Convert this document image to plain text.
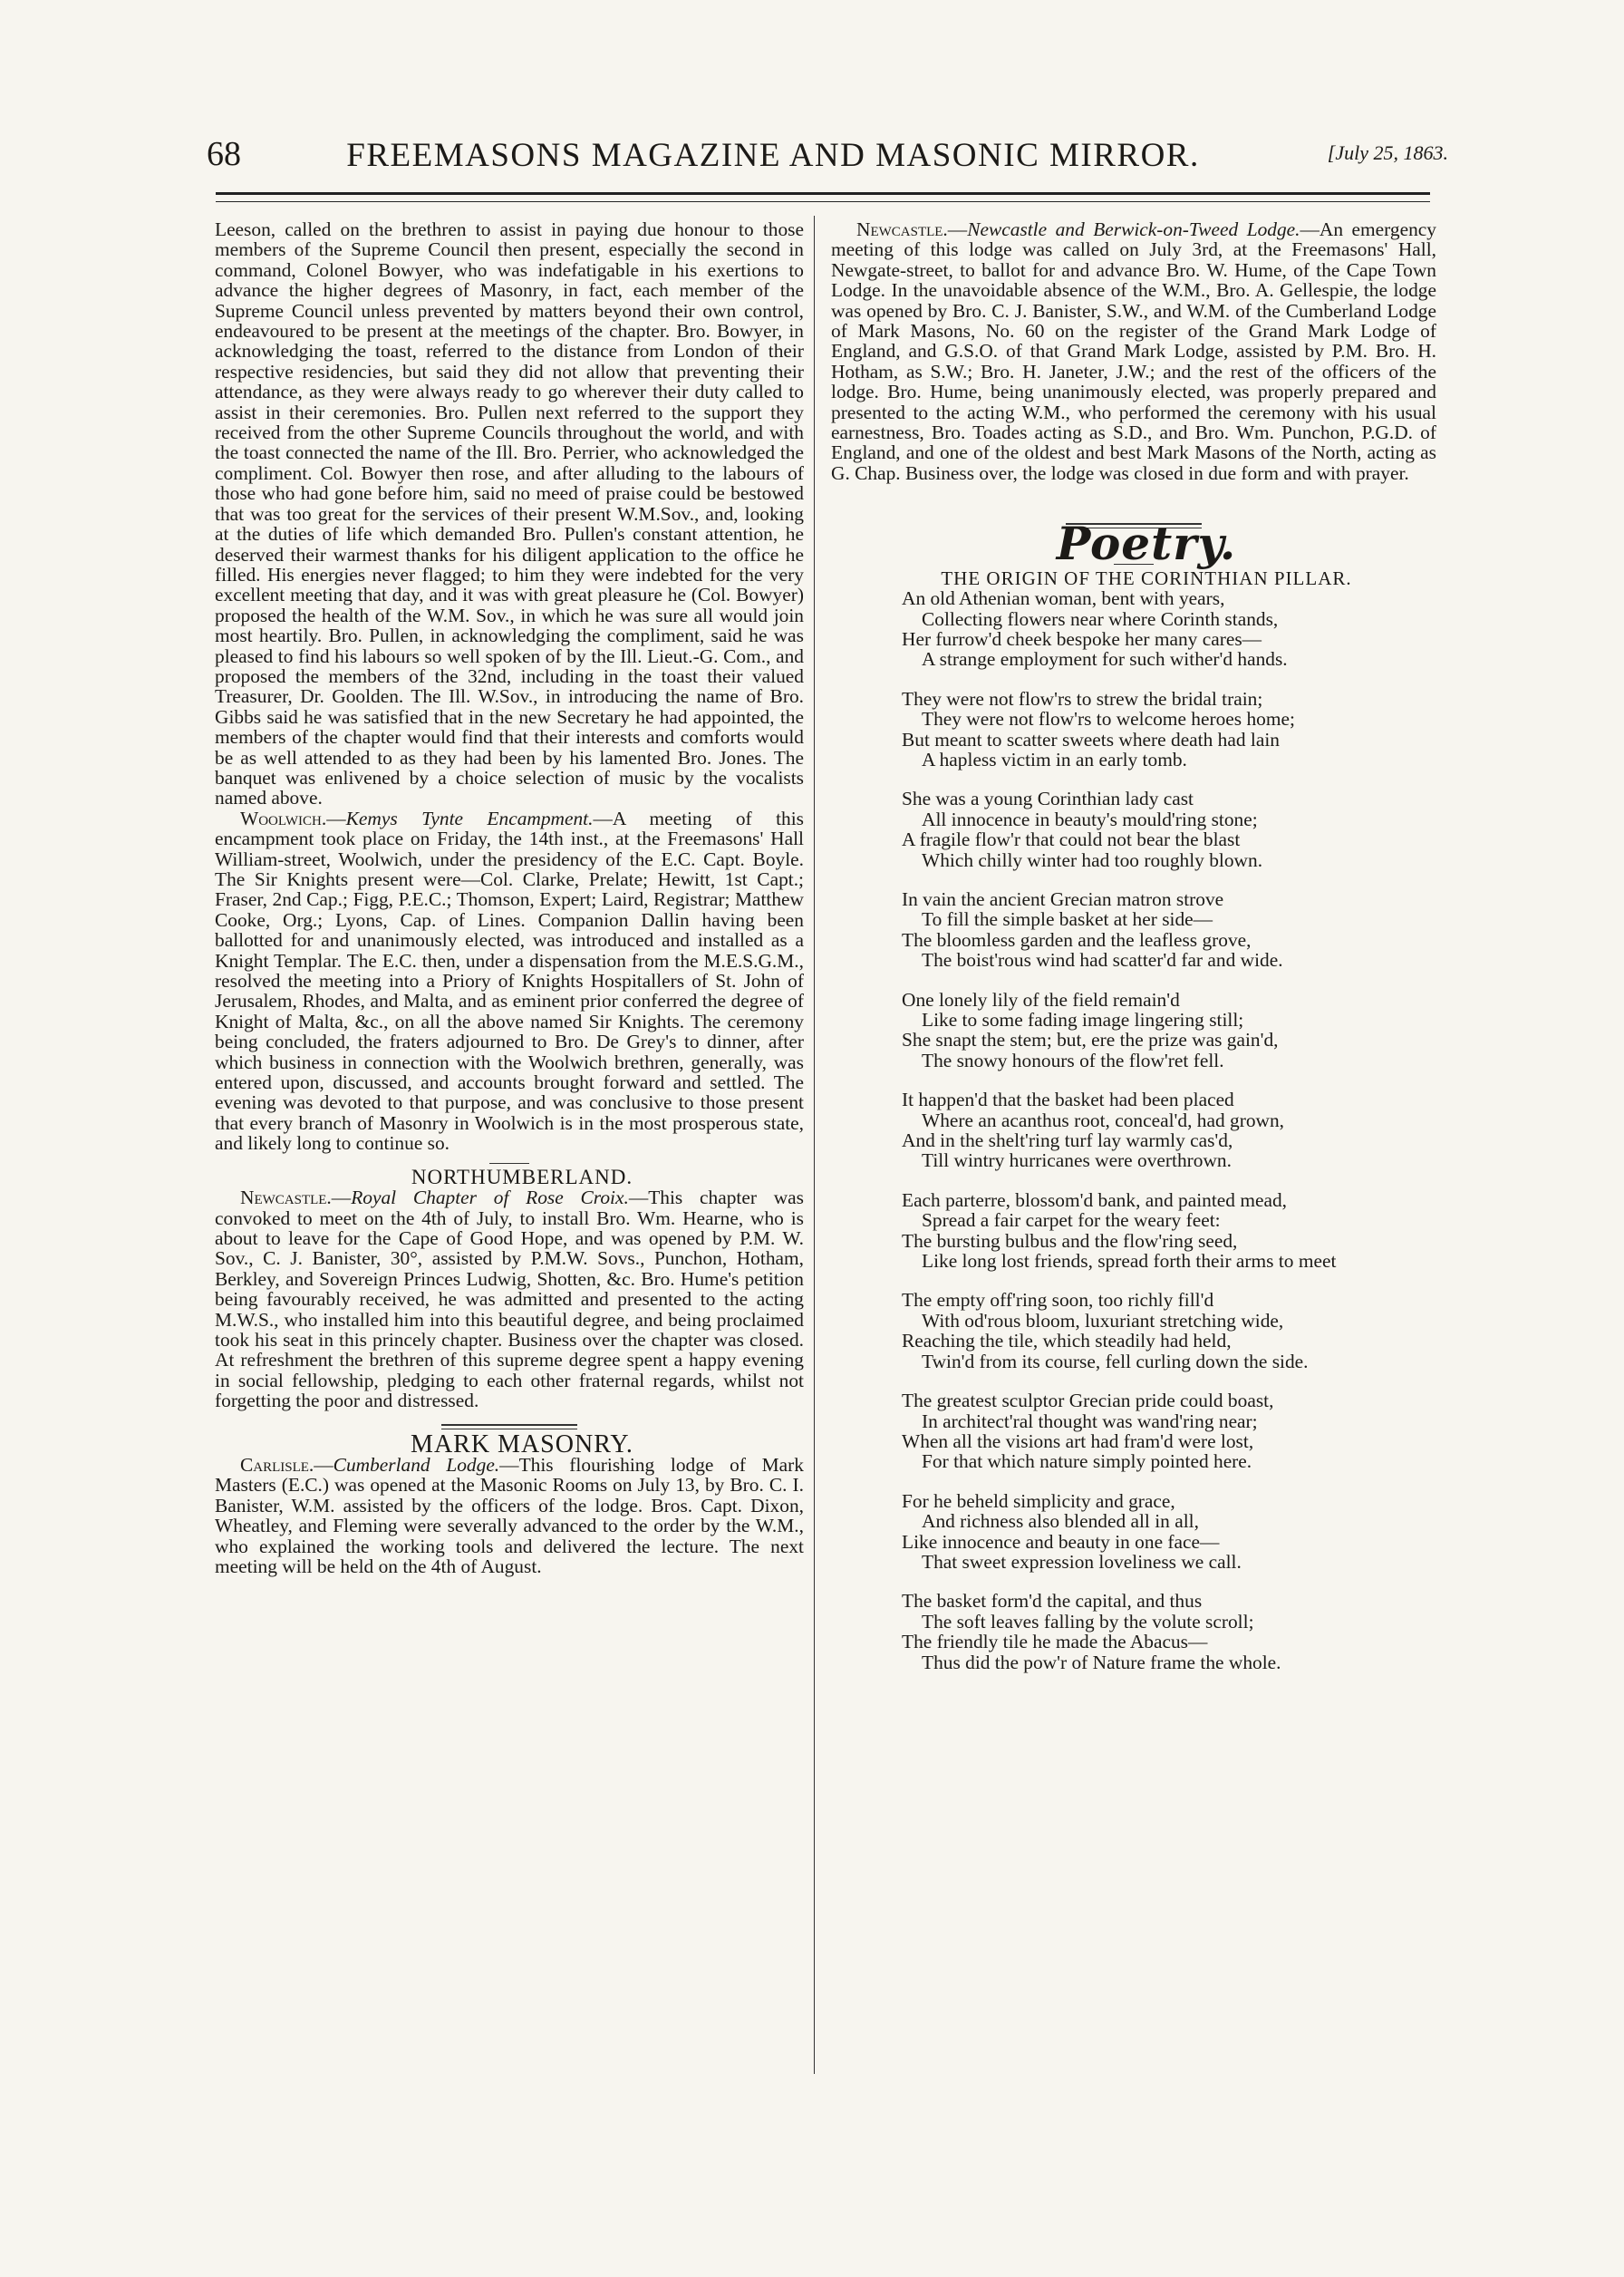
68	FREEMASONS MAGAZINE AND MASONIC MIRROR.	[July 25, 1863.

Leeson, called on the brethren to assist in paying due honour to those members of the Supreme Council then present, especially the second in command, Colonel Bowyer, who was indefatigable in his exertions to advance the higher degrees of Masonry, in fact, each member of the Supreme Council unless prevented by matters beyond their own control, endeavoured to be present at the meetings of the chapter. Bro. Bowyer, in acknowledging the toast, referred to the distance from London of their respective residencies, but said they did not allow that preventing their attendance, as they were always ready to go wherever their duty called to assist in their ceremonies. Bro. Pullen next referred to the support they received from the other Supreme Councils throughout the world, and with the toast connected the name of the Ill. Bro. Perrier, who acknowledged the compliment. Col. Bowyer then rose, and after alluding to the labours of those who had gone before him, said no meed of praise could be bestowed that was too great for the services of their present W.M.Sov., and, looking at the duties of life which demanded Bro. Pullen's constant attention, he deserved their warmest thanks for his diligent application to the office he filled. His energies never flagged; to him they were indebted for the very excellent meeting that day, and it was with great pleasure he (Col. Bowyer) proposed the health of the W.M. Sov., in which he was sure all would join most heartily. Bro. Pullen, in acknowledging the compliment, said he was pleased to find his labours so well spoken of by the Ill. Lieut.-G. Com., and proposed the members of the 32nd, including in the toast their valued Treasurer, Dr. Goolden. The Ill. W.Sov., in introducing the name of Bro. Gibbs said he was satisfied that in the new Secretary he had appointed, the members of the chapter would find that their interests and comforts would be as well attended to as they had been by his lamented Bro. Jones. The banquet was enlivened by a choice selection of music by the vocalists named above.

Woolwich.—Kemys Tynte Encampment.—A meeting of this encampment took place on Friday, the 14th inst., at the Freemasons' Hall William-street, Woolwich, under the presidency of the E.C. Capt. Boyle. The Sir Knights present were—Col. Clarke, Prelate; Hewitt, 1st Capt.; Fraser, 2nd Cap.; Figg, P.E.C.; Thomson, Expert; Laird, Registrar; Matthew Cooke, Org.; Lyons, Cap. of Lines. Companion Dallin having been ballotted for and unanimously elected, was introduced and installed as a Knight Templar. The E.C. then, under a dispensation from the M.E.S.G.M., resolved the meeting into a Priory of Knights Hospitallers of St. John of Jerusalem, Rhodes, and Malta, and as eminent prior conferred the degree of Knight of Malta, &c., on all the above named Sir Knights. The ceremony being concluded, the fraters adjourned to Bro. De Grey's to dinner, after which business in connection with the Woolwich brethren, generally, was entered upon, discussed, and accounts brought forward and settled. The evening was devoted to that purpose, and was conclusive to those present that every branch of Masonry in Woolwich is in the most prosperous state, and likely long to continue so.

NORTHUMBERLAND.

Newcastle.—Royal Chapter of Rose Croix.—This chapter was convoked to meet on the 4th of July, to install Bro. Wm. Hearne, who is about to leave for the Cape of Good Hope, and was opened by P.M. W. Sov., C. J. Banister, 30°, assisted by P.M.W. Sovs., Punchon, Hotham, Berkley, and Sovereign Princes Ludwig, Shotten, &c. Bro. Hume's petition being favourably received, he was admitted and presented to the acting M.W.S., who installed him into this beautiful degree, and being proclaimed took his seat in this princely chapter. Business over the chapter was closed. At refreshment the brethren of this supreme degree spent a happy evening in social fellowship, pledging to each other fraternal regards, whilst not forgetting the poor and distressed.

MARK MASONRY.

Carlisle.—Cumberland Lodge.—This flourishing lodge of Mark Masters (E.C.) was opened at the Masonic Rooms on July 13, by Bro. C. I. Banister, W.M. assisted by the officers of the lodge. Bros. Capt. Dixon, Wheatley, and Fleming were severally advanced to the order by the W.M., who explained the working tools and delivered the lecture. The next meeting will be held on the 4th of August.

Newcastle.—Newcastle and Berwick-on-Tweed Lodge.—An emergency meeting of this lodge was called on July 3rd, at the Freemasons' Hall, Newgate-street, to ballot for and advance Bro. W. Hume, of the Cape Town Lodge. In the unavoidable absence of the W.M., Bro. A. Gellespie, the lodge was opened by Bro. C. J. Banister, S.W., and W.M. of the Cumberland Lodge of Mark Masons, No. 60 on the register of the Grand Mark Lodge of England, and G.S.O. of that Grand Mark Lodge, assisted by P.M. Bro. H. Hotham, as S.W.; Bro. H. Janeter, J.W.; and the rest of the officers of the lodge. Bro. Hume, being unanimously elected, was properly prepared and presented to the acting W.M., who performed the ceremony with his usual earnestness, Bro. Toades acting as S.D., and Bro. Wm. Punchon, P.G.D. of England, and one of the oldest and best Mark Masons of the North, acting as G. Chap. Business over, the lodge was closed in due form and with prayer.

Poetry.

THE ORIGIN OF THE CORINTHIAN PILLAR.

An old Athenian woman, bent with years,
Collecting flowers near where Corinth stands,
Her furrow'd cheek bespoke her many cares—
A strange employment for such wither'd hands.
They were not flow'rs to strew the bridal train;
They were not flow'rs to welcome heroes home;
But meant to scatter sweets where death had lain
A hapless victim in an early tomb.
She was a young Corinthian lady cast
All innocence in beauty's mould'ring stone;
A fragile flow'r that could not bear the blast
Which chilly winter had too roughly blown.
In vain the ancient Grecian matron strove
To fill the simple basket at her side—
The bloomless garden and the leafless grove,
The boist'rous wind had scatter'd far and wide.
One lonely lily of the field remain'd
Like to some fading image lingering still;
She snapt the stem; but, ere the prize was gain'd,
The snowy honours of the flow'ret fell.
It happen'd that the basket had been placed
Where an acanthus root, conceal'd, had grown,
And in the shelt'ring turf lay warmly cas'd,
Till wintry hurricanes were overthrown.
Each parterre, blossom'd bank, and painted mead,
Spread a fair carpet for the weary feet:
The bursting bulbus and the flow'ring seed,
Like long lost friends, spread forth their arms to meet
The empty off'ring soon, too richly fill'd
With od'rous bloom, luxuriant stretching wide,
Reaching the tile, which steadily had held,
Twin'd from its course, fell curling down the side.
The greatest sculptor Grecian pride could boast,
In architect'ral thought was wand'ring near;
When all the visions art had fram'd were lost,
For that which nature simply pointed here.
For he beheld simplicity and grace,
And richness also blended all in all,
Like innocence and beauty in one face—
That sweet expression loveliness we call.
The basket form'd the capital, and thus
The soft leaves falling by the volute scroll;
The friendly tile he made the Abacus—
Thus did the pow'r of Nature frame the whole.
